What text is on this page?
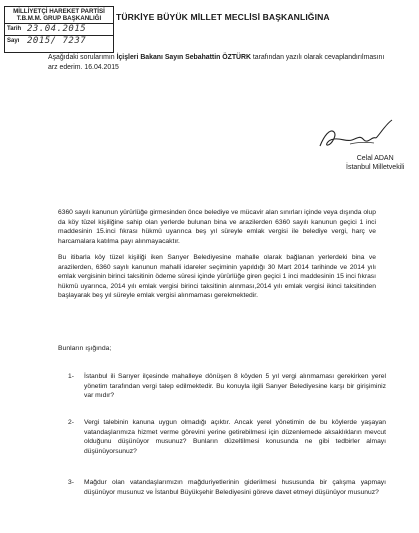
MİLLİYETÇİ HAREKET PARTİSİ
T.B.M.M. GRUP BAŞKANLIĞI
Tarih 23.04.2015
Sayı 2015/ 7237
TÜRKİYE BÜYÜK MİLLET MECLİSİ BAŞKANLIĞINA
Aşağıdaki sorularımın İçişleri Bakanı Sayın Sebahattin ÖZTÜRK tarafından yazılı olarak cevaplandırılmasını arz ederim. 16.04.2015
Celal ADAN
İstanbul Milletvekili
6360 sayılı kanunun yürürlüğe girmesinden önce belediye ve mücavir alan sınırları içinde veya dışında olup da köy tüzel kişiliğine sahip olan yerlerde bulunan bina ve arazilerden 6360 sayılı kanunun geçici 1 inci maddesinin 15.inci fıkrası hükmü uyarınca beş yıl süreyle emlak vergisi ile belediye vergi, harç ve harcamalara katılma payı alınmayacaktır.
Bu itibarla köy tüzel kişiliği iken Sarıyer Belediyesine mahalle olarak bağlanan yerlerdeki bina ve arazilerden, 6360 sayılı kanunun mahalli idareler seçiminin yapıldığı 30 Mart 2014 tarihinde ve 2014 yılı emlak vergisinin birinci taksitinin ödeme süresi içinde yürürlüğe giren geçici 1 inci maddesinin 15 inci fıkrası hükmü uyarınca, 2014 yılı emlak vergisi birinci taksitinin alınması,2014 yılı emlak vergisi ikinci taksitinden başlayarak beş yıl süreyle emlak vergisi alınmaması gerekmektedir.
Bunların ışığında;
1-	İstanbul ili Sarıyer ilçesinde mahalleye dönüşen 8 köyden 5 yıl vergi alınmaması gerekirken yerel yönetim tarafından vergi talep edilmektedir. Bu konuyla ilgili Sarıyer Belediyesine karşı bir girişiminiz var mıdır?
2-	Vergi talebinin kanuna uygun olmadığı açıktır. Ancak yerel yönetimin de bu köylerde yaşayan vatandaşlarımıza hizmet verme görevini yerine getirebilmesi için düzenlemede aksaklıkların mevcut olduğunu düşünüyor musunuz? Bunların düzeltilmesi konusunda ne gibi tedbirler almayı düşünüyorsunuz?
3-	Mağdur olan vatandaşlarımızın mağduriyetlerinin giderilmesi hususunda bir çalışma yapmayı düşünüyor musunuz ve İstanbul Büyükşehir Belediyesini göreve davet etmeyi düşünüyor musunuz?
